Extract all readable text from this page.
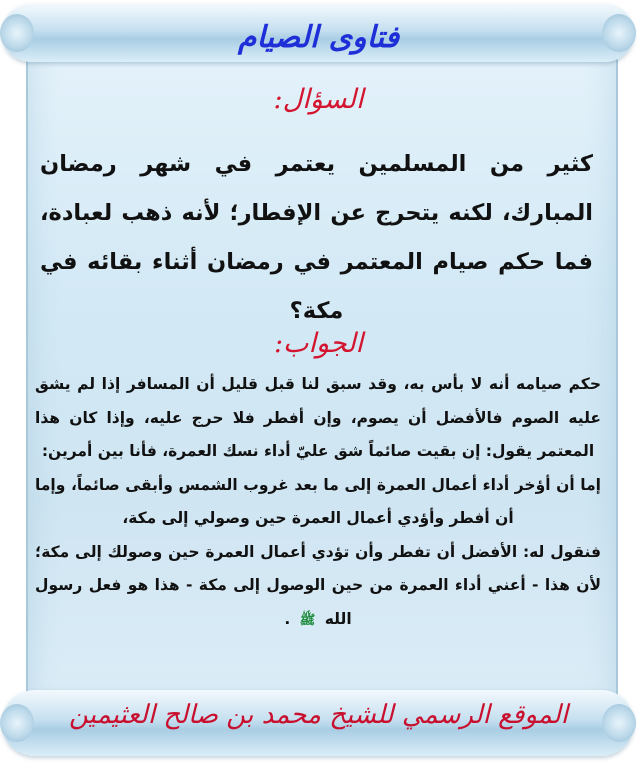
فتاوى الصيام
السؤال:
كثير من المسلمين يعتمر في شهر رمضان المبارك، لكنه يتحرج عن الإفطار؛ لأنه ذهب لعبادة، فما حكم صيام المعتمر في رمضان أثناء بقائه في مكة؟
الجواب:
حكم صيامه أنه لا بأس به، وقد سبق لنا قبل قليل أن المسافر إذا لم يشق عليه الصوم فالأفضل أن يصوم، وإن أفطر فلا حرج عليه، وإذا كان هذا المعتمر يقول: إن بقيت صائماً شق عليّ أداء نسك العمرة، فأنا بين أمرين:
إما أن أؤخر أداء أعمال العمرة إلى ما بعد غروب الشمس وأبقى صائماً، وإما أن أفطر وأؤدي أعمال العمرة حين وصولي إلى مكة،
فنقول له: الأفضل أن تفطر وأن تؤدي أعمال العمرة حين وصولك إلى مكة؛ لأن هذا - أعني أداء العمرة من حين الوصول إلى مكة - هذا هو فعل رسول الله ﷺ .
الموقع الرسمي للشيخ محمد بن صالح العثيمين
